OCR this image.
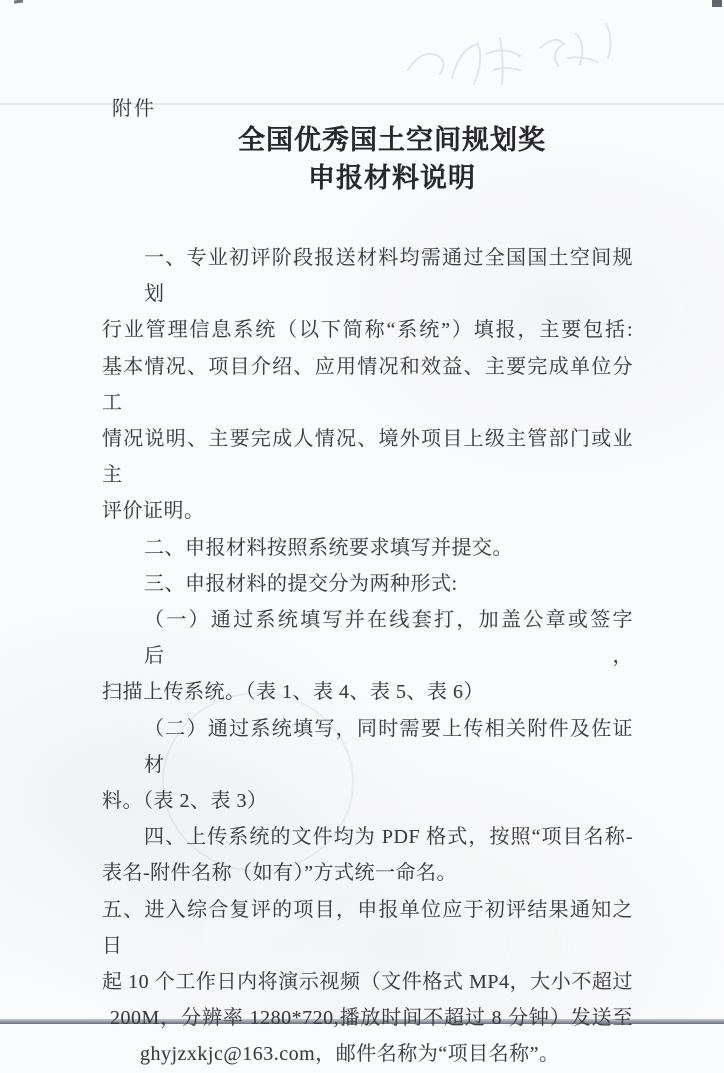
附件
全国优秀国土空间规划奖
申报材料说明
一、专业初评阶段报送材料均需通过全国国土空间规划
行业管理信息系统（以下简称“系统”）填报，主要包括:
基本情况、项目介绍、应用情况和效益、主要完成单位分工
情况说明、主要完成人情况、境外项目上级主管部门或业主
评价证明。
二、申报材料按照系统要求填写并提交。
三、申报材料的提交分为两种形式:
（一）通过系统填写并在线套打，加盖公章或签字后，
扫描上传系统。（表 1、表 4、表 5、表 6）
（二）通过系统填写，同时需要上传相关附件及佐证材
料。（表 2、表 3）
四、上传系统的文件均为 PDF 格式，按照“项目名称-
表名-附件名称（如有）”方式统一命名。
五、进入综合复评的项目，申报单位应于初评结果通知之日
起 10 个工作日内将演示视频（文件格式 MP4，大小不超过
200M，分辨率 1280*720,播放时间不超过 8 分钟）发送至
ghyjzxkjc@163.com，邮件名称为“项目名称”。
